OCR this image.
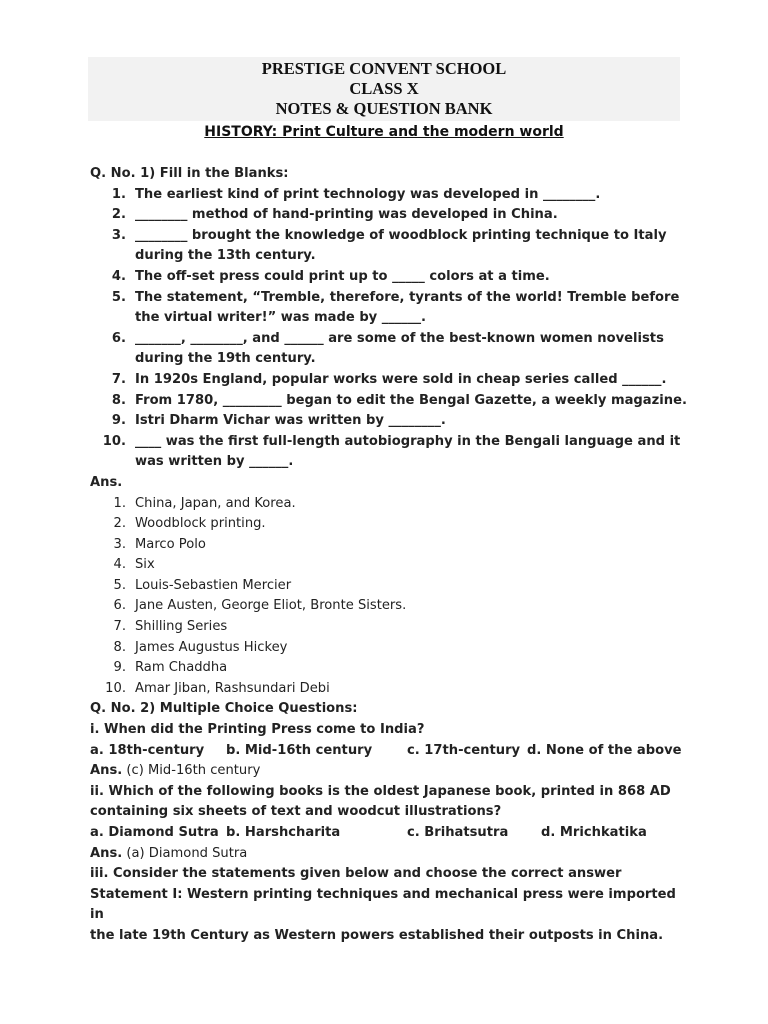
PRESTIGE CONVENT SCHOOL
CLASS X
NOTES & QUESTION BANK
HISTORY: Print Culture and the modern world
Q. No. 1) Fill in the Blanks:
1. The earliest kind of print technology was developed in ________.
2. ________ method of hand-printing was developed in China.
3. ________ brought the knowledge of woodblock printing technique to Italy
during the 13th century.
4. The off-set press could print up to _____ colors at a time.
5. The statement, “Tremble, therefore, tyrants of the world! Tremble before
the virtual writer!” was made by ______.
6. _______, ________, and ______ are some of the best-known women novelists
during the 19th century.
7. In 1920s England, popular works were sold in cheap series called ______.
8. From 1780, _________ began to edit the Bengal Gazette, a weekly magazine.
9. Istri Dharm Vichar was written by ________.
10. ____ was the first full-length autobiography in the Bengali language and it
was written by ______.
Ans.
1. China, Japan, and Korea.
2. Woodblock printing.
3. Marco Polo
4. Six
5. Louis-Sebastien Mercier
6. Jane Austen, George Eliot, Bronte Sisters.
7. Shilling Series
8. James Augustus Hickey
9. Ram Chaddha
10. Amar Jiban, Rashsundari Debi
Q. No. 2) Multiple Choice Questions:
i. When did the Printing Press come to India?
a. 18th-century b. Mid-16th century	c. 17th-century d. None of the above
Ans. (c) Mid-16th century
ii. Which of the following books is the oldest Japanese book, printed in 868 AD
containing six sheets of text and woodcut illustrations?
a. Diamond Sutra b. Harshcharita	c. Brihatsutra d. Mrichkatika
Ans. (a) Diamond Sutra
iii. Consider the statements given below and choose the correct answer
Statement I: Western printing techniques and mechanical press were imported in
the late 19th Century as Western powers established their outposts in China.
